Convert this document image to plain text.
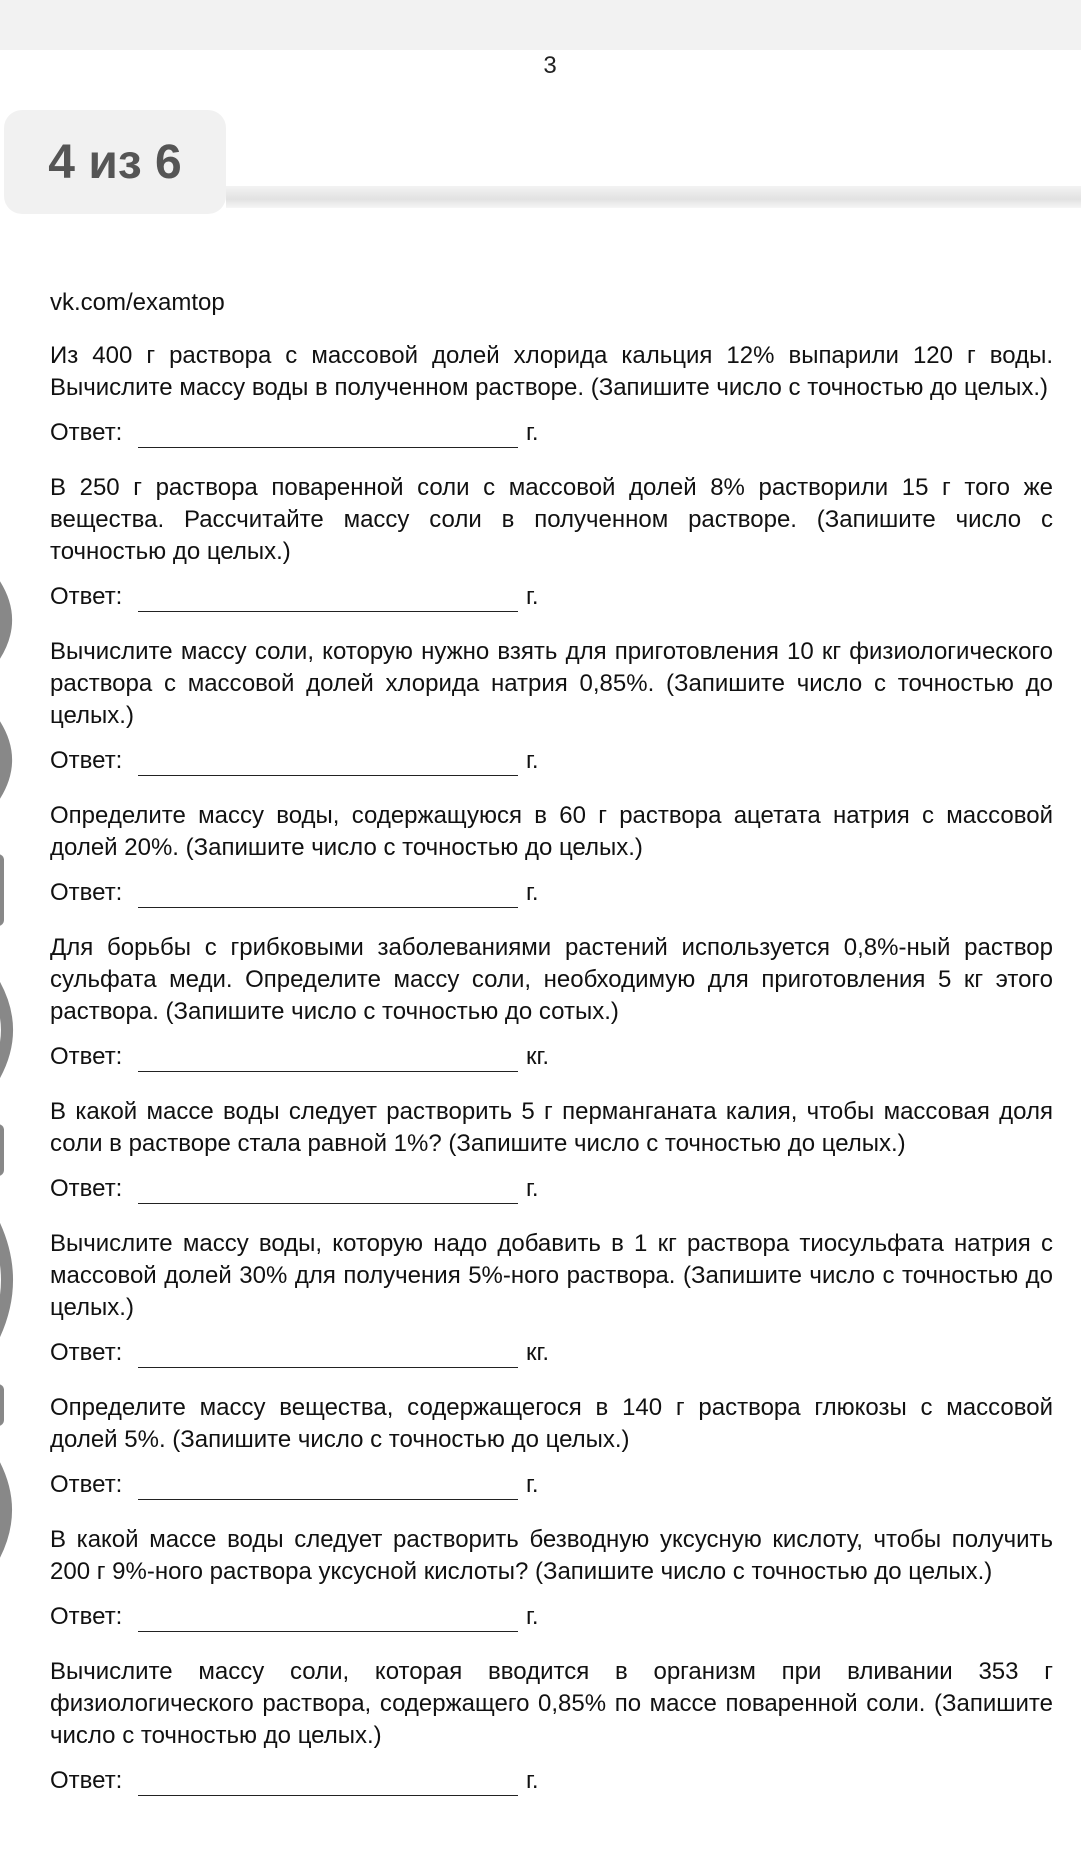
3
4 из 6

vk.com/examtop

Из 400 г раствора с массовой долей хлорида кальция 12% выпарили 120 г воды. Вычислите массу воды в полученном растворе. (Запишите число с точностью до целых.)

Ответ:	г.

В 250 г раствора поваренной соли с массовой долей 8% растворили 15 г того же вещества. Рассчитайте массу соли в полученном растворе. (Запишите число с точностью до целых.)

Ответ:	г.

Вычислите массу соли, которую нужно взять для приготовления 10 кг физиологического раствора с массовой долей хлорида натрия 0,85%. (Запишите число с точностью до целых.)

Ответ:	г.

Определите массу воды, содержащуюся в 60 г раствора ацетата натрия с массовой долей 20%. (Запишите число с точностью до целых.)

Ответ:	г.

Для борьбы с грибковыми заболеваниями растений используется 0,8%-ный раствор сульфата меди. Определите массу соли, необходимую для приготовления 5 кг этого раствора. (Запишите число с точностью до сотых.)

Ответ:	кг.

В какой массе воды следует растворить 5 г перманганата калия, чтобы массовая доля соли в растворе стала равной 1%? (Запишите число с точностью до целых.)

Ответ:	г.

Вычислите массу воды, которую надо добавить в 1 кг раствора тиосульфата натрия с массовой долей 30% для получения 5%-ного раствора. (Запишите число с точностью до целых.)

Ответ:	кг.

Определите массу вещества, содержащегося в 140 г раствора глюкозы с массовой долей 5%. (Запишите число с точностью до целых.)

Ответ:	г.

В какой массе воды следует растворить безводную уксусную кислоту, чтобы получить 200 г 9%-ного раствора уксусной кислоты? (Запишите число с точностью до целых.)

Ответ:	г.

Вычислите массу соли, которая вводится в организм при вливании 353 г физиологического раствора, содержащего 0,85% по массе поваренной соли. (Запишите число с точностью до целых.)

Ответ:	г.
